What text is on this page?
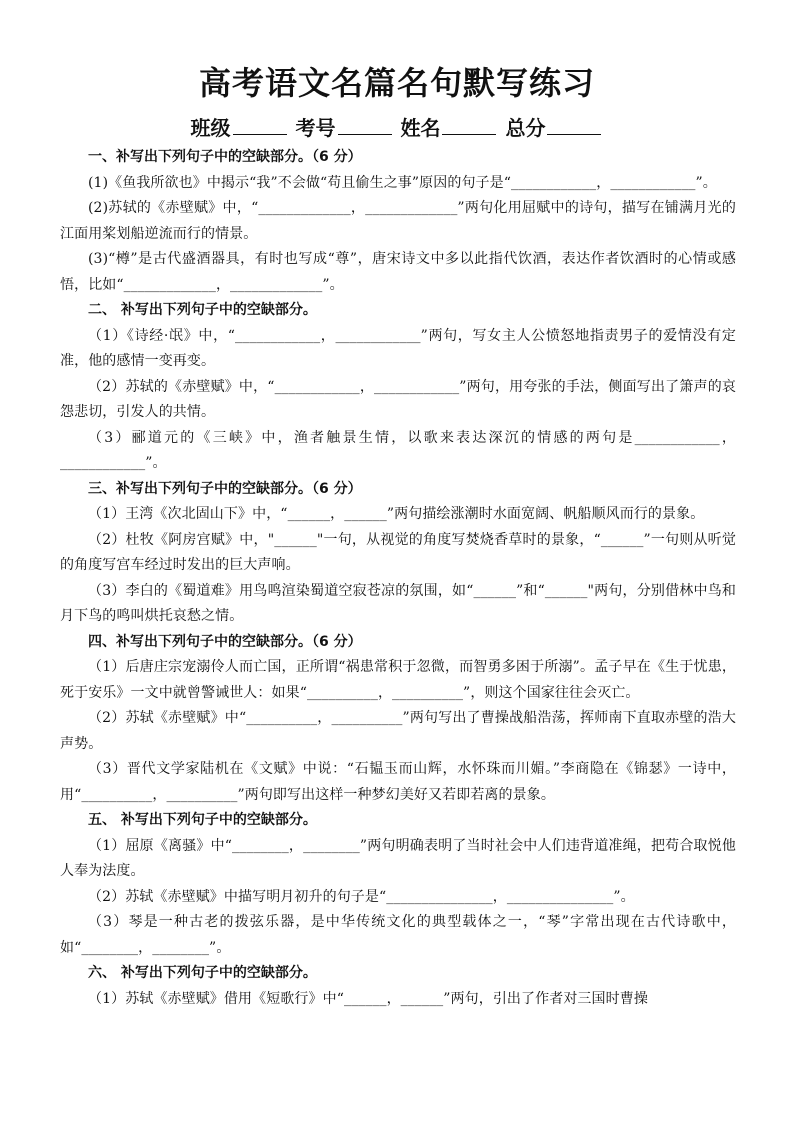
高考语文名篇名句默写练习
班级	考号	姓名	总分
一、补写出下列句子中的空缺部分。（6 分）
(1)《鱼我所欲也》中揭示“我”不会做“苟且偷生之事”原因的句子是“____________，____________”。
(2)苏轼的《赤壁赋》中，“_____________，_____________”两句化用屈赋中的诗句，描写在铺满月光的江面用桨划船逆流而行的情景。
(3)“樽”是古代盛酒器具，有时也写成“尊”，唐宋诗文中多以此指代饮酒，表达作者饮酒时的心情或感悟，比如“_____________，_____________”。
二、 补写出下列句子中的空缺部分。
（1）《诗经·氓》中，“____________，____________”两句，写女主人公愤怒地指责男子的爱情没有定准，他的感情一变再变。
（2）苏轼的《赤壁赋》中，“____________，____________”两句，用夸张的手法，侧面写出了箫声的哀怨悲切，引发人的共情。
（3）郦道元的《三峡》中，渔者触景生情，以歌来表达深沉的情感的两句是____________，____________”。
三、补写出下列句子中的空缺部分。（6 分）
（1）王湾《次北固山下》中，“______，______”两句描绘涨潮时水面宽阔、帆船顺风而行的景象。
（2）杜牧《阿房宫赋》中，"______"一句，从视觉的角度写焚烧香草时的景象，“______”一句则从听觉的角度写宫车经过时发出的巨大声响。
（3）李白的《蜀道难》用鸟鸣渲染蜀道空寂苍凉的氛围，如“______”和“______"两句，分别借林中鸟和月下鸟的鸣叫烘托哀愁之情。
四、补写出下列句子中的空缺部分。（6 分）
（1）后唐庄宗宠溺伶人而亡国，正所谓“祸患常积于忽微，而智勇多困于所溺”。孟子早在《生于忧患，死于安乐》一文中就曾警诫世人：如果“__________，__________”，则这个国家往往会灭亡。
（2）苏轼《赤壁赋》中“__________，__________”两句写出了曹操战船浩荡，挥师南下直取赤壁的浩大声势。
（3）晋代文学家陆机在《文赋》中说：“石韫玉而山辉，水怀珠而川媚。”李商隐在《锦瑟》一诗中，用“__________，__________”两句即写出这样一种梦幻美好又若即若离的景象。
五、 补写出下列句子中的空缺部分。
（1）屈原《离骚》中“________，________”两句明确表明了当时社会中人们违背道准绳，把苟合取悦他人奉为法度。
（2）苏轼《赤壁赋》中描写明月初升的句子是“_______________，_______________”。
（3）琴是一种古老的拨弦乐器，是中华传统文化的典型载体之一，“琴”字常出现在古代诗歌中，如“________，________”。
六、 补写出下列句子中的空缺部分。
（1）苏轼《赤壁赋》借用《短歌行》中“______，______”两句，引出了作者对三国时曹操
